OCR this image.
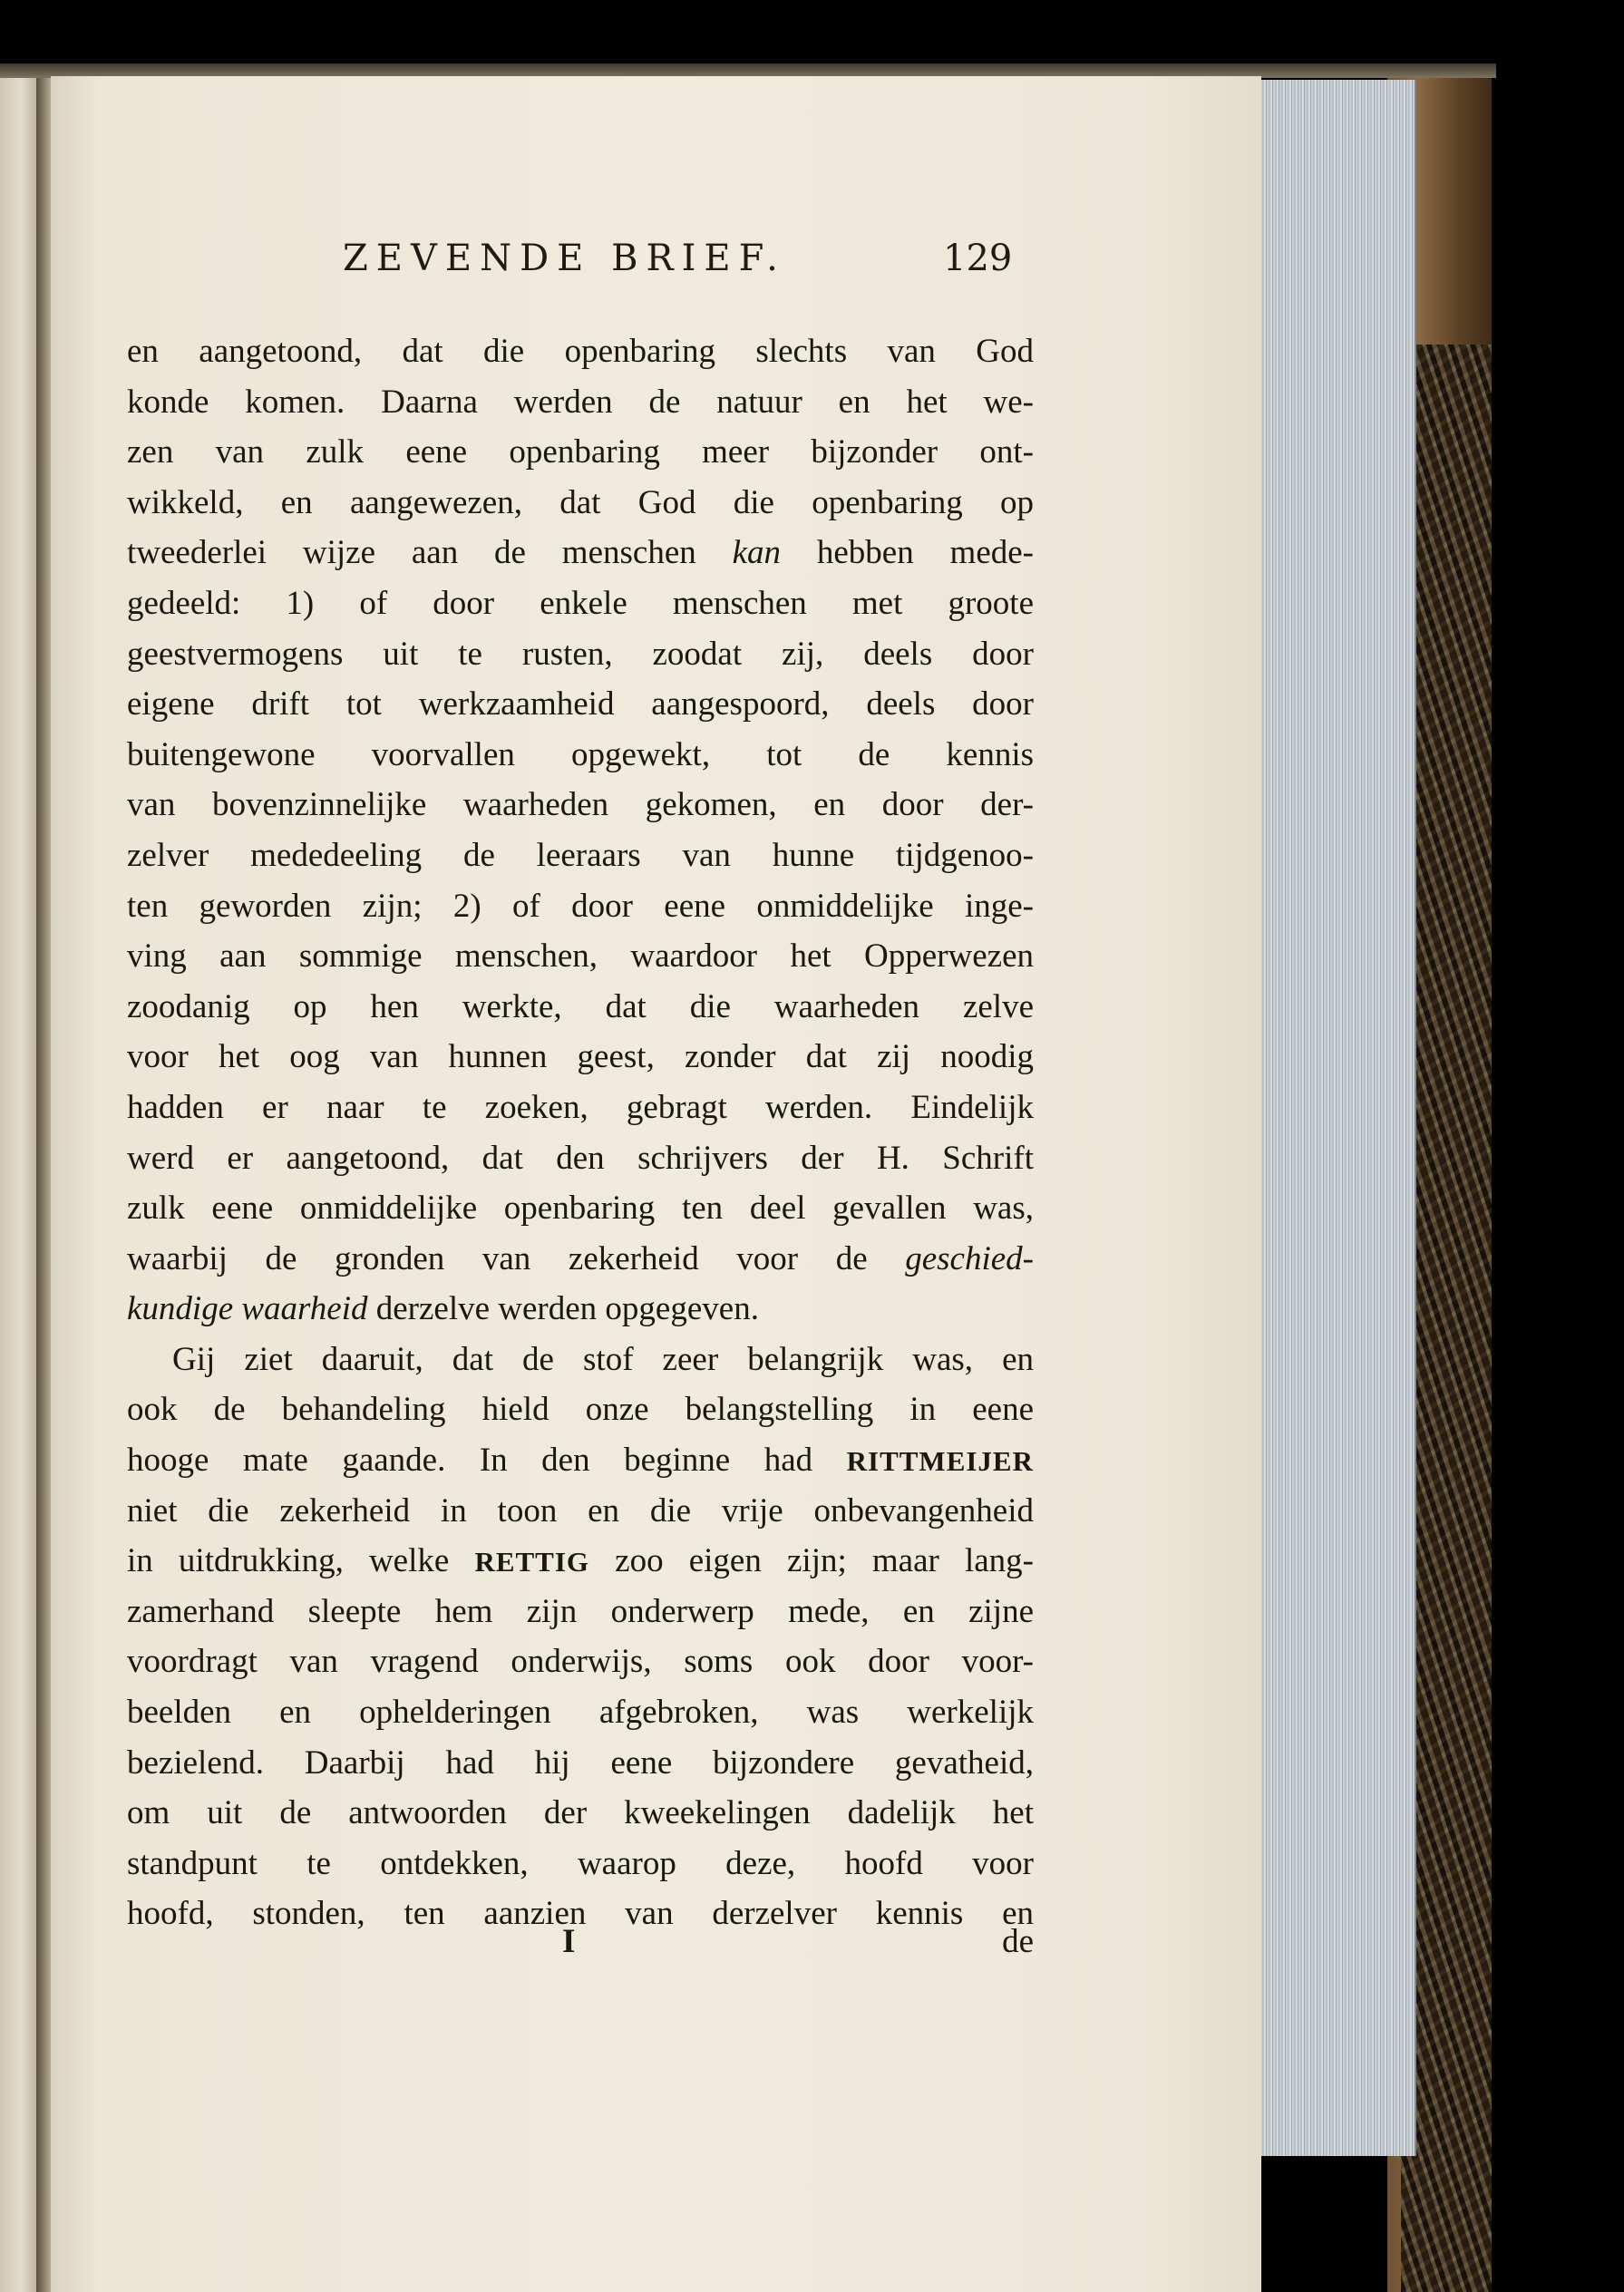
ZEVENDE BRIEF.	129
en aangetoond, dat die openbaring slechts van God
konde komen. Daarna werden de natuur en het we-
zen van zulk eene openbaring meer bijzonder ont-
wikkeld, en aangewezen, dat God die openbaring op
tweederlei wijze aan de menschen kan hebben mede-
gedeeld: 1) of door enkele menschen met groote
geestvermogens uit te rusten, zoodat zij, deels door
eigene drift tot werkzaamheid aangespoord, deels door
buitengewone voorvallen opgewekt, tot de kennis
van bovenzinnelijke waarheden gekomen, en door der-
zelver mededeeling de leeraars van hunne tijdgenoo-
ten geworden zijn; 2) of door eene onmiddelijke inge-
ving aan sommige menschen, waardoor het Opperwezen
zoodanig op hen werkte, dat die waarheden zelve
voor het oog van hunnen geest, zonder dat zij noodig
hadden er naar te zoeken, gebragt werden. Eindelijk
werd er aangetoond, dat den schrijvers der H. Schrift
zulk eene onmiddelijke openbaring ten deel gevallen was,
waarbij de gronden van zekerheid voor de geschied-
kundige waarheid derzelve werden opgegeven.
Gij ziet daaruit, dat de stof zeer belangrijk was, en
ook de behandeling hield onze belangstelling in eene
hooge mate gaande. In den beginne had RITTMEIJER
niet die zekerheid in toon en die vrije onbevangenheid
in uitdrukking, welke RETTIG zoo eigen zijn; maar lang-
zamerhand sleepte hem zijn onderwerp mede, en zijne
voordragt van vragend onderwijs, soms ook door voor-
beelden en ophelderingen afgebroken, was werkelijk
bezielend. Daarbij had hij eene bijzondere gevatheid,
om uit de antwoorden der kweekelingen dadelijk het
standpunt te ontdekken, waarop deze, hoofd voor
hoofd, stonden, ten aanzien van derzelver kennis en
I	de
